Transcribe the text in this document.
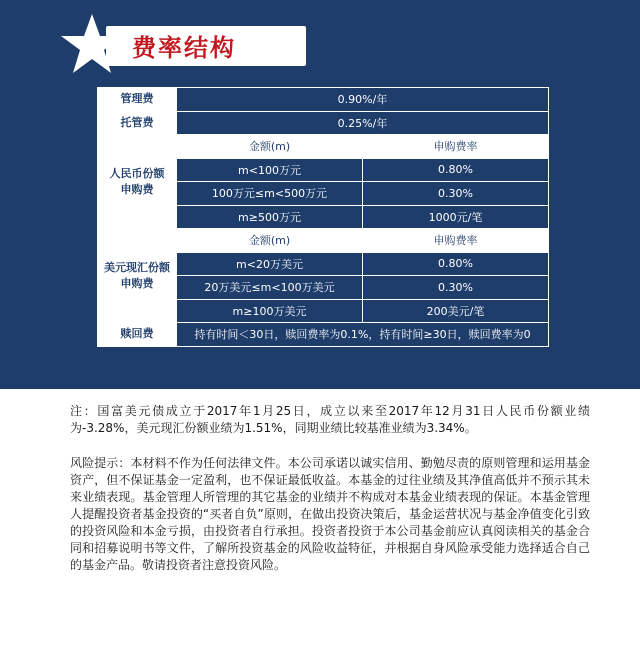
费率结构
管理费	0.90%/年	
托管费	0.25%/年	

人民币份额
申购费	金额(m)	申购费率
	m<100万元	0.80%
	100万元≤m<500万元	0.30%
	m≥500万元	1000元/笔

美元现汇份额
申购费	金额(m)	申购费率
	m<20万美元	0.80%
	20万美元≤m<100万美元	0.30%
	m≥100万美元	200美元/笔
赎回费	持有时间＜30日，赎回费率为0.1%，持有时间≥30日，赎回费率为0	

注：国富美元债成立于2017年1月25日，成立以来至2017年12月31日人民币份额业绩为-3.28%，美元现汇份额业绩为1.51%，同期业绩比较基准业绩为3.34%。

风险提示：本材料不作为任何法律文件。本公司承诺以诚实信用、勤勉尽责的原则管理和运用基金资产，但不保证基金一定盈利，也不保证最低收益。本基金的过往业绩及其净值高低并不预示其未来业绩表现。基金管理人所管理的其它基金的业绩并不构成对本基金业绩表现的保证。本基金管理人提醒投资者基金投资的“买者自负”原则，在做出投资决策后，基金运营状况与基金净值变化引致的投资风险和本金亏损，由投资者自行承担。投资者投资于本公司基金前应认真阅读相关的基金合同和招募说明书等文件，了解所投资基金的风险收益特征，并根据自身风险承受能力选择适合自己的基金产品。敬请投资者注意投资风险。
